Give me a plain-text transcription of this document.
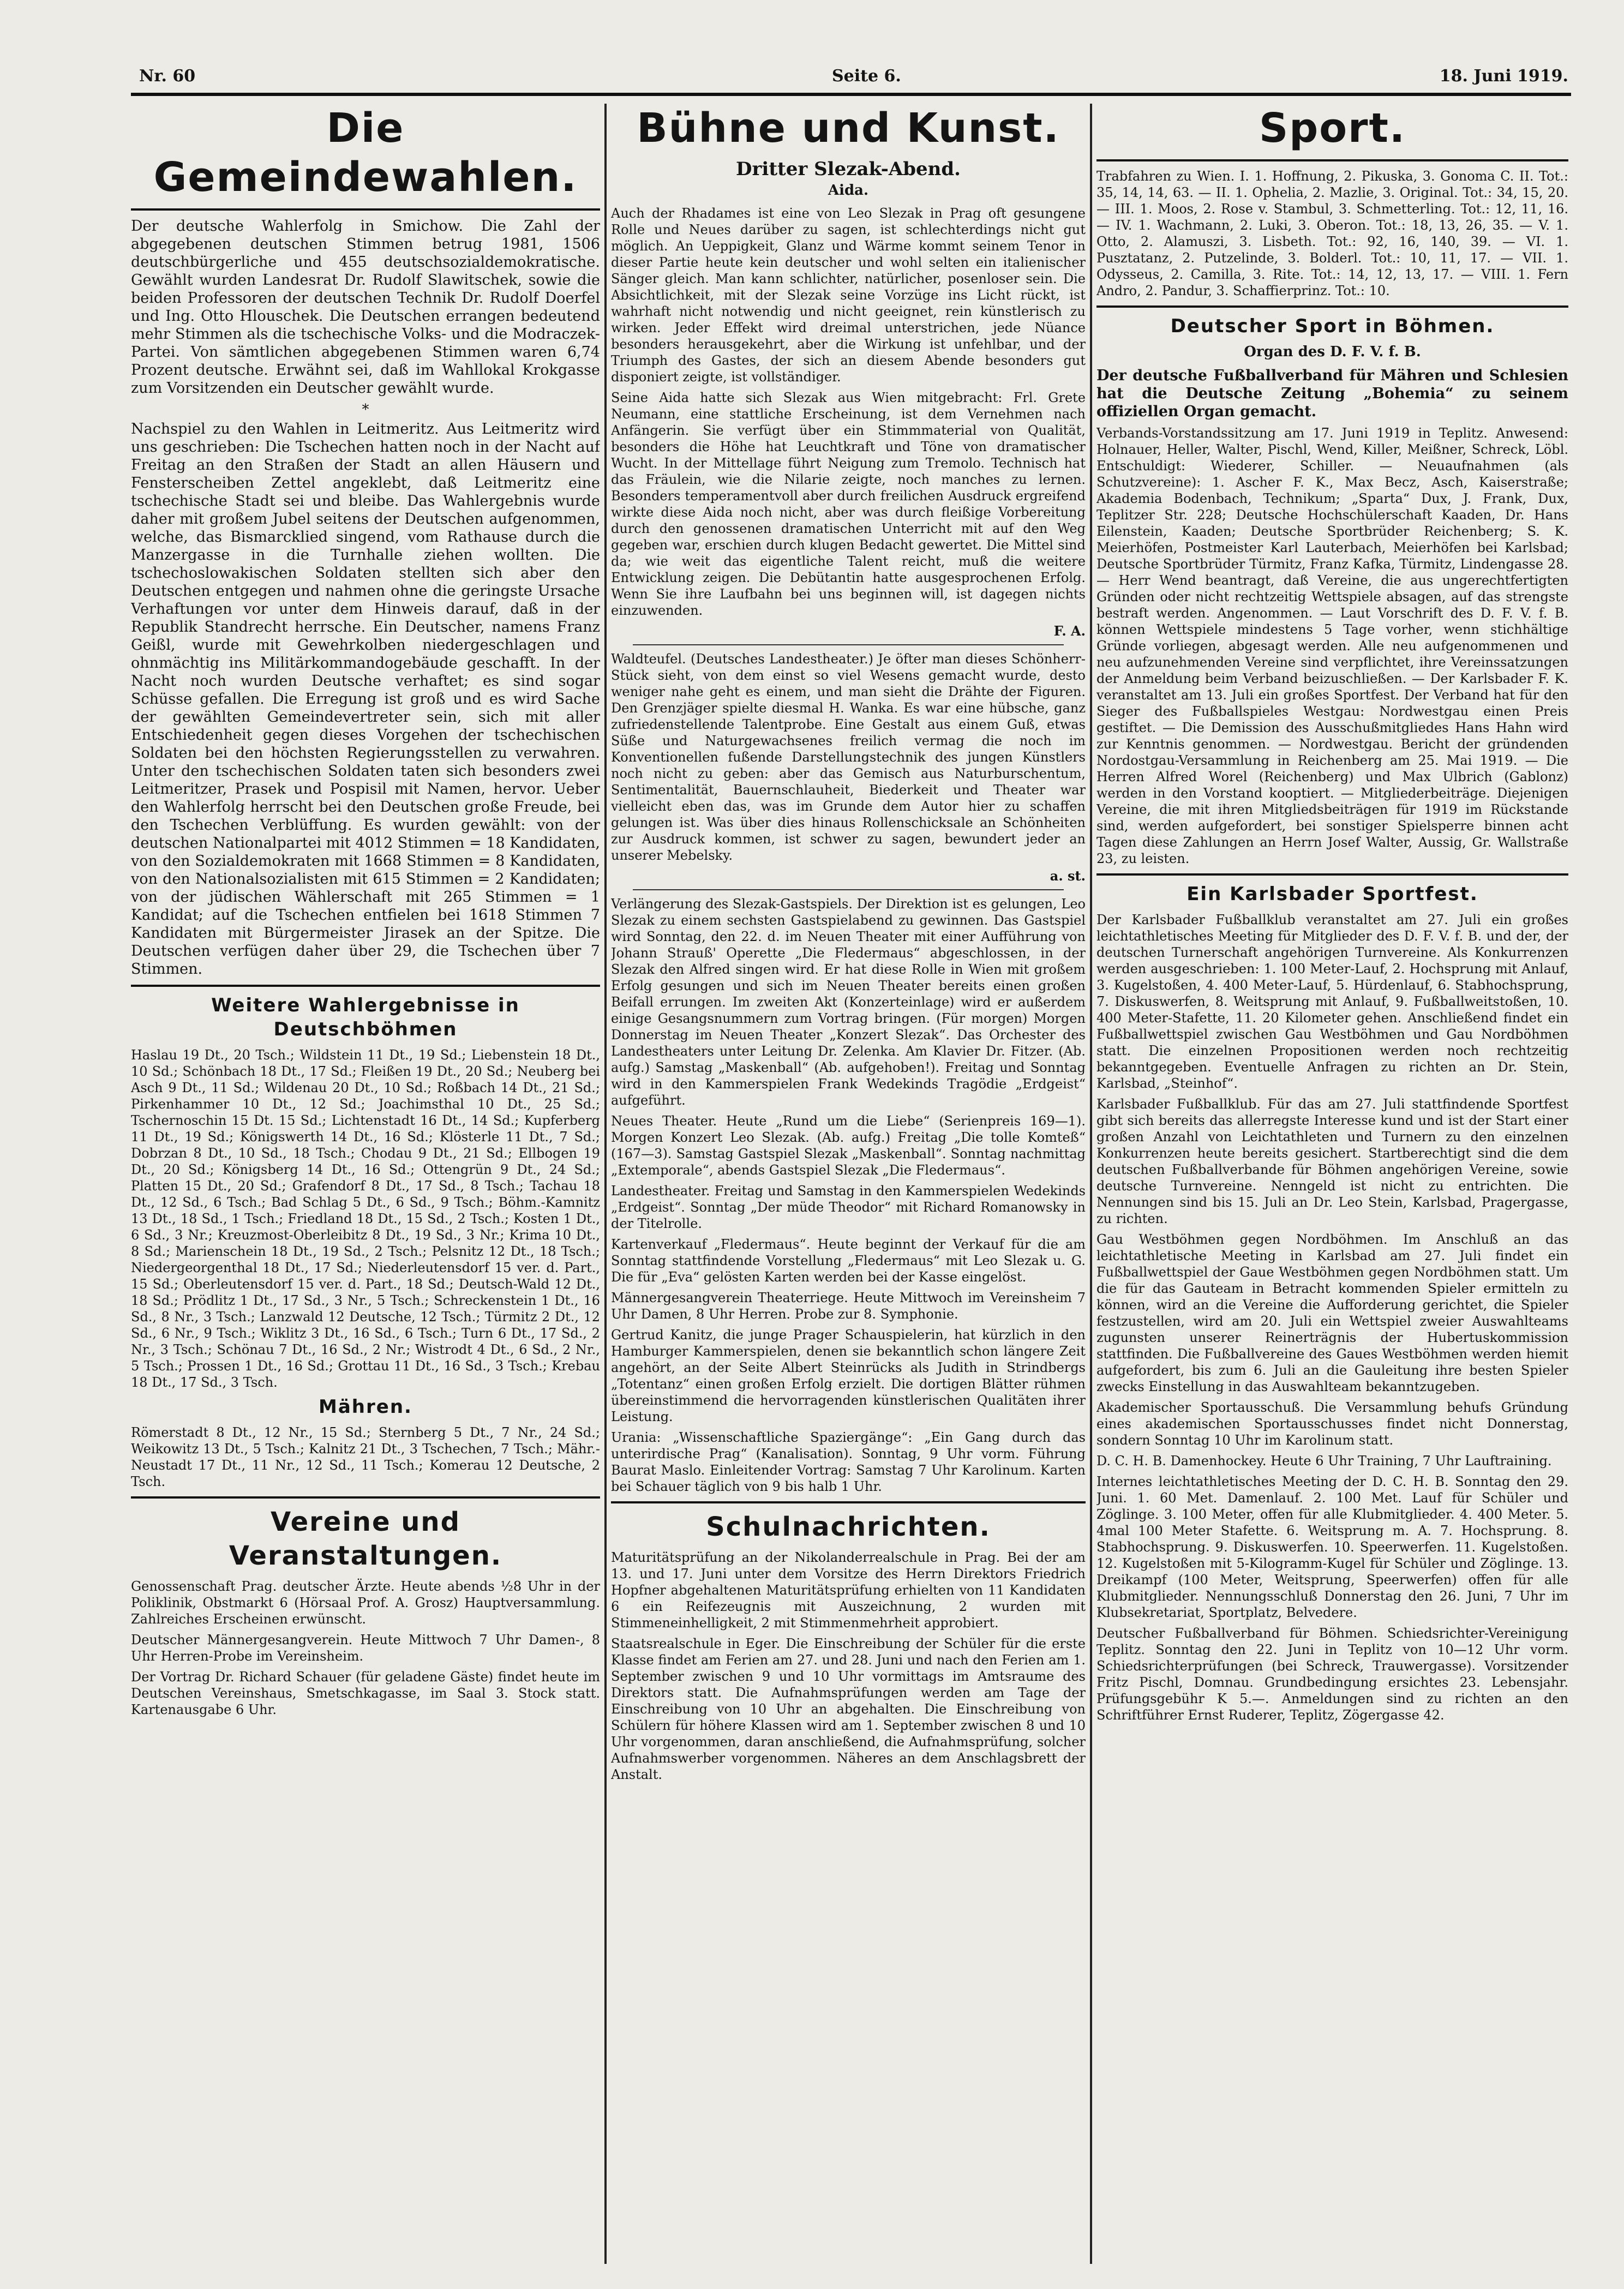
Nr. 60	Seite 6.	18. Juni 1919.
Die Gemeindewahlen.

Der deutsche Wahlerfolg in Smichow. Die Zahl der abgegebenen deutschen Stimmen betrug 1981, 1506 deutschbürgerliche und 455 deutschsozialdemokratische. Gewählt wurden Landesrat Dr. Rudolf Slawitschek, sowie die beiden Professoren der deutschen Technik Dr. Rudolf Doerfel und Ing. Otto Hlouschek. Die Deutschen errangen bedeutend mehr Stimmen als die tschechische Volks- und die Modraczek-Partei. Von sämtlichen abgegebenen Stimmen waren 6,74 Prozent deutsche. Erwähnt sei, daß im Wahllokal Krokgasse zum Vorsitzenden ein Deutscher gewählt wurde.

*

Nachspiel zu den Wahlen in Leitmeritz. Aus Leitmeritz wird uns geschrieben: Die Tschechen hatten noch in der Nacht auf Freitag an den Straßen der Stadt an allen Häusern und Fensterscheiben Zettel angeklebt, daß Leitmeritz eine tschechische Stadt sei und bleibe. Das Wahlergebnis wurde daher mit großem Jubel seitens der Deutschen aufgenommen, welche, das Bismarcklied singend, vom Rathause durch die Manzergasse in die Turnhalle ziehen wollten. Die tschechoslowakischen Soldaten stellten sich aber den Deutschen entgegen und nahmen ohne die geringste Ursache Verhaftungen vor unter dem Hinweis darauf, daß in der Republik Standrecht herrsche. Ein Deutscher, namens Franz Geißl, wurde mit Gewehrkolben niedergeschlagen und ohnmächtig ins Militärkommandogebäude geschafft. In der Nacht noch wurden Deutsche verhaftet; es sind sogar Schüsse gefallen. Die Erregung ist groß und es wird Sache der gewählten Gemeindevertreter sein, sich mit aller Entschiedenheit gegen dieses Vorgehen der tschechischen Soldaten bei den höchsten Regierungsstellen zu verwahren. Unter den tschechischen Soldaten taten sich besonders zwei Leitmeritzer, Prasek und Pospisil mit Namen, hervor. Ueber den Wahlerfolg herrscht bei den Deutschen große Freude, bei den Tschechen Verblüffung. Es wurden gewählt: von der deutschen Nationalpartei mit 4012 Stimmen = 18 Kandidaten, von den Sozialdemokraten mit 1668 Stimmen = 8 Kandidaten, von den Nationalsozialisten mit 615 Stimmen = 2 Kandidaten; von der jüdischen Wählerschaft mit 265 Stimmen = 1 Kandidat; auf die Tschechen entfielen bei 1618 Stimmen 7 Kandidaten mit Bürgermeister Jirasek an der Spitze. Die Deutschen verfügen daher über 29, die Tschechen über 7 Stimmen.

Weitere Wahlergebnisse in Deutschböhmen

Haslau 19 Dt., 20 Tsch.; Wildstein 11 Dt., 19 Sd.; Liebenstein 18 Dt., 10 Sd.; Schönbach 18 Dt., 17 Sd.; Fleißen 19 Dt., 20 Sd.; Neuberg bei Asch 9 Dt., 11 Sd.; Wildenau 20 Dt., 10 Sd.; Roßbach 14 Dt., 21 Sd.; Pirkenhammer 10 Dt., 12 Sd.; Joachimsthal 10 Dt., 25 Sd.; Tschernoschin 15 Dt. 15 Sd.; Lichtenstadt 16 Dt., 14 Sd.; Kupferberg 11 Dt., 19 Sd.; Königswerth 14 Dt., 16 Sd.; Klösterle 11 Dt., 7 Sd.; Dobrzan 8 Dt., 10 Sd., 18 Tsch.; Chodau 9 Dt., 21 Sd.; Ellbogen 19 Dt., 20 Sd.; Königsberg 14 Dt., 16 Sd.; Ottengrün 9 Dt., 24 Sd.; Platten 15 Dt., 20 Sd.; Grafendorf 8 Dt., 17 Sd., 8 Tsch.; Tachau 18 Dt., 12 Sd., 6 Tsch.; Bad Schlag 5 Dt., 6 Sd., 9 Tsch.; Böhm.-Kamnitz 13 Dt., 18 Sd., 1 Tsch.; Friedland 18 Dt., 15 Sd., 2 Tsch.; Kosten 1 Dt., 6 Sd., 3 Nr.; Kreuzmost-Oberleibitz 8 Dt., 19 Sd., 3 Nr.; Krima 10 Dt., 8 Sd.; Marienschein 18 Dt., 19 Sd., 2 Tsch.; Pelsnitz 12 Dt., 18 Tsch.; Niedergeorgenthal 18 Dt., 17 Sd.; Niederleutensdorf 15 ver. d. Part., 15 Sd.; Oberleutensdorf 15 ver. d. Part., 18 Sd.; Deutsch-Wald 12 Dt., 18 Sd.; Prödlitz 1 Dt., 17 Sd., 3 Nr., 5 Tsch.; Schreckenstein 1 Dt., 16 Sd., 8 Nr., 3 Tsch.; Lanzwald 12 Deutsche, 12 Tsch.; Türmitz 2 Dt., 12 Sd., 6 Nr., 9 Tsch.; Wiklitz 3 Dt., 16 Sd., 6 Tsch.; Turn 6 Dt., 17 Sd., 2 Nr., 3 Tsch.; Schönau 7 Dt., 16 Sd., 2 Nr.; Wistrodt 4 Dt., 6 Sd., 2 Nr., 5 Tsch.; Prossen 1 Dt., 16 Sd.; Grottau 11 Dt., 16 Sd., 3 Tsch.; Krebau 18 Dt., 17 Sd., 3 Tsch.

Mähren.

Römerstadt 8 Dt., 12 Nr., 15 Sd.; Sternberg 5 Dt., 7 Nr., 24 Sd.; Weikowitz 13 Dt., 5 Tsch.; Kalnitz 21 Dt., 3 Tschechen, 7 Tsch.; Mähr.-Neustadt 17 Dt., 11 Nr., 12 Sd., 11 Tsch.; Komerau 12 Deutsche, 2 Tsch.

Vereine und Veranstaltungen.

Genossenschaft Prag. deutscher Ärzte. Heute abends ½8 Uhr in der Poliklinik, Obstmarkt 6 (Hörsaal Prof. A. Grosz) Hauptversammlung. Zahlreiches Erscheinen erwünscht.

Deutscher Männergesangverein. Heute Mittwoch 7 Uhr Damen-, 8 Uhr Herren-Probe im Vereinsheim.

Der Vortrag Dr. Richard Schauer (für geladene Gäste) findet heute im Deutschen Vereinshaus, Smetschkagasse, im Saal 3. Stock statt. Kartenausgabe 6 Uhr.

Bühne und Kunst.
Dritter Slezak-Abend.
Aida.

Auch der Rhadames ist eine von Leo Slezak in Prag oft gesungene Rolle und Neues darüber zu sagen, ist schlechterdings nicht gut möglich. An Ueppigkeit, Glanz und Wärme kommt seinem Tenor in dieser Partie heute kein deutscher und wohl selten ein italienischer Sänger gleich. Man kann schlichter, natürlicher, posenloser sein. Die Absichtlichkeit, mit der Slezak seine Vorzüge ins Licht rückt, ist wahrhaft nicht notwendig und nicht geeignet, rein künstlerisch zu wirken. Jeder Effekt wird dreimal unterstrichen, jede Nüance besonders herausgekehrt, aber die Wirkung ist unfehlbar, und der Triumph des Gastes, der sich an diesem Abende besonders gut disponiert zeigte, ist vollständiger.

Seine Aida hatte sich Slezak aus Wien mitgebracht: Frl. Grete Neumann, eine stattliche Erscheinung, ist dem Vernehmen nach Anfängerin. Sie verfügt über ein Stimmmaterial von Qualität, besonders die Höhe hat Leuchtkraft und Töne von dramatischer Wucht. In der Mittellage führt Neigung zum Tremolo. Technisch hat das Fräulein, wie die Nilarie zeigte, noch manches zu lernen. Besonders temperamentvoll aber durch freilichen Ausdruck ergreifend wirkte diese Aida noch nicht, aber was durch fleißige Vorbereitung durch den genossenen dramatischen Unterricht mit auf den Weg gegeben war, erschien durch klugen Bedacht gewertet. Die Mittel sind da; wie weit das eigentliche Talent reicht, muß die weitere Entwicklung zeigen. Die Debütantin hatte ausgesprochenen Erfolg. Wenn Sie ihre Laufbahn bei uns beginnen will, ist dagegen nichts einzuwenden.

F. A.

Waldteufel. (Deutsches Landestheater.) Je öfter man dieses Schönherr-Stück sieht, von dem einst so viel Wesens gemacht wurde, desto weniger nahe geht es einem, und man sieht die Drähte der Figuren. Den Grenzjäger spielte diesmal H. Wanka. Es war eine hübsche, ganz zufriedenstellende Talentprobe. Eine Gestalt aus einem Guß, etwas Süße und Naturgewachsenes freilich vermag die noch im Konventionellen fußende Darstellungstechnik des jungen Künstlers noch nicht zu geben: aber das Gemisch aus Naturburschentum, Sentimentalität, Bauernschlauheit, Biederkeit und Theater war vielleicht eben das, was im Grunde dem Autor hier zu schaffen gelungen ist. Was über dies hinaus Rollenschicksale an Schönheiten zur Ausdruck kommen, ist schwer zu sagen, bewundert jeder an unserer Mebelsky.

a. st.

Verlängerung des Slezak-Gastspiels. Der Direktion ist es gelungen, Leo Slezak zu einem sechsten Gastspielabend zu gewinnen. Das Gastspiel wird Sonntag, den 22. d. im Neuen Theater mit einer Aufführung von Johann Strauß' Operette „Die Fledermaus“ abgeschlossen, in der Slezak den Alfred singen wird. Er hat diese Rolle in Wien mit großem Erfolg gesungen und sich im Neuen Theater bereits einen großen Beifall errungen. Im zweiten Akt (Konzerteinlage) wird er außerdem einige Gesangsnummern zum Vortrag bringen. (Für morgen) Morgen Donnerstag im Neuen Theater „Konzert Slezak“. Das Orchester des Landestheaters unter Leitung Dr. Zelenka. Am Klavier Dr. Fitzer. (Ab. aufg.) Samstag „Maskenball“ (Ab. aufgehoben!). Freitag und Sonntag wird in den Kammerspielen Frank Wedekinds Tragödie „Erdgeist“ aufgeführt.

Neues Theater. Heute „Rund um die Liebe“ (Serienpreis 169—1). Morgen Konzert Leo Slezak. (Ab. aufg.) Freitag „Die tolle Komteß“ (167—3). Samstag Gastspiel Slezak „Maskenball“. Sonntag nachmittag „Extemporale“, abends Gastspiel Slezak „Die Fledermaus“.

Landestheater. Freitag und Samstag in den Kammerspielen Wedekinds „Erdgeist“. Sonntag „Der müde Theodor“ mit Richard Romanowsky in der Titelrolle.

Kartenverkauf „Fledermaus“. Heute beginnt der Verkauf für die am Sonntag stattfindende Vorstellung „Fledermaus“ mit Leo Slezak u. G. Die für „Eva“ gelösten Karten werden bei der Kasse eingelöst.

Männergesangverein Theaterriege. Heute Mittwoch im Vereinsheim 7 Uhr Damen, 8 Uhr Herren. Probe zur 8. Symphonie.

Gertrud Kanitz, die junge Prager Schauspielerin, hat kürzlich in den Hamburger Kammerspielen, denen sie bekanntlich schon längere Zeit angehört, an der Seite Albert Steinrücks als Judith in Strindbergs „Totentanz“ einen großen Erfolg erzielt. Die dortigen Blätter rühmen übereinstimmend die hervorragenden künstlerischen Qualitäten ihrer Leistung.

Urania: „Wissenschaftliche Spaziergänge“: „Ein Gang durch das unterirdische Prag“ (Kanalisation). Sonntag, 9 Uhr vorm. Führung Baurat Maslo. Einleitender Vortrag: Samstag 7 Uhr Karolinum. Karten bei Schauer täglich von 9 bis halb 1 Uhr.

Schulnachrichten.

Maturitätsprüfung an der Nikolanderrealschule in Prag. Bei der am 13. und 17. Juni unter dem Vorsitze des Herrn Direktors Friedrich Hopfner abgehaltenen Maturitätsprüfung erhielten von 11 Kandidaten 6 ein Reifezeugnis mit Auszeichnung, 2 wurden mit Stimmeneinhelligkeit, 2 mit Stimmenmehrheit approbiert.

Staatsrealschule in Eger. Die Einschreibung der Schüler für die erste Klasse findet am Ferien am 27. und 28. Juni und nach den Ferien am 1. September zwischen 9 und 10 Uhr vormittags im Amtsraume des Direktors statt. Die Aufnahmsprüfungen werden am Tage der Einschreibung von 10 Uhr an abgehalten. Die Einschreibung von Schülern für höhere Klassen wird am 1. September zwischen 8 und 10 Uhr vorgenommen, daran anschließend, die Aufnahmsprüfung, solcher Aufnahmswerber vorgenommen. Näheres an dem Anschlagsbrett der Anstalt.

Sport.

Trabfahren zu Wien. I. 1. Hoffnung, 2. Pikuska, 3. Gonoma C. II. Tot.: 35, 14, 14, 63. — II. 1. Ophelia, 2. Mazlie, 3. Original. Tot.: 34, 15, 20. — III. 1. Moos, 2. Rose v. Stambul, 3. Schmetterling. Tot.: 12, 11, 16. — IV. 1. Wachmann, 2. Luki, 3. Oberon. Tot.: 18, 13, 26, 35. — V. 1. Otto, 2. Alamuszi, 3. Lisbeth. Tot.: 92, 16, 140, 39. — VI. 1. Pusztatanz, 2. Putzelinde, 3. Bolderl. Tot.: 10, 11, 17. — VII. 1. Odysseus, 2. Camilla, 3. Rite. Tot.: 14, 12, 13, 17. — VIII. 1. Fern Andro, 2. Pandur, 3. Schaffierprinz. Tot.: 10.

Deutscher Sport in Böhmen.
Organ des D. F. V. f. B.

Der deutsche Fußballverband für Mähren und Schlesien hat die Deutsche Zeitung „Bohemia“ zu seinem offiziellen Organ gemacht.

Verbands-Vorstandssitzung am 17. Juni 1919 in Teplitz. Anwesend: Holnauer, Heller, Walter, Pischl, Wend, Killer, Meißner, Schreck, Löbl. Entschuldigt: Wiederer, Schiller. — Neuaufnahmen (als Schutzvereine): 1. Ascher F. K., Max Becz, Asch, Kaiserstraße; Akademia Bodenbach, Technikum; „Sparta“ Dux, J. Frank, Dux, Teplitzer Str. 228; Deutsche Hochschülerschaft Kaaden, Dr. Hans Eilenstein, Kaaden; Deutsche Sportbrüder Reichenberg; S. K. Meierhöfen, Postmeister Karl Lauterbach, Meierhöfen bei Karlsbad; Deutsche Sportbrüder Türmitz, Franz Kafka, Türmitz, Lindengasse 28. — Herr Wend beantragt, daß Vereine, die aus ungerechtfertigten Gründen oder nicht rechtzeitig Wettspiele absagen, auf das strengste bestraft werden. Angenommen. — Laut Vorschrift des D. F. V. f. B. können Wettspiele mindestens 5 Tage vorher, wenn stichhältige Gründe vorliegen, abgesagt werden. Alle neu aufgenommenen und neu aufzunehmenden Vereine sind verpflichtet, ihre Vereinssatzungen der Anmeldung beim Verband beizuschließen. — Der Karlsbader F. K. veranstaltet am 13. Juli ein großes Sportfest. Der Verband hat für den Sieger des Fußballspieles Westgau: Nordwestgau einen Preis gestiftet. — Die Demission des Ausschußmitgliedes Hans Hahn wird zur Kenntnis genommen. — Nordwestgau. Bericht der gründenden Nordostgau-Versammlung in Reichenberg am 25. Mai 1919. — Die Herren Alfred Worel (Reichenberg) und Max Ulbrich (Gablonz) werden in den Vorstand kooptiert. — Mitgliederbeiträge. Diejenigen Vereine, die mit ihren Mitgliedsbeiträgen für 1919 im Rückstande sind, werden aufgefordert, bei sonstiger Spielsperre binnen acht Tagen diese Zahlungen an Herrn Josef Walter, Aussig, Gr. Wallstraße 23, zu leisten.

Ein Karlsbader Sportfest.

Der Karlsbader Fußballklub veranstaltet am 27. Juli ein großes leichtathletisches Meeting für Mitglieder des D. F. V. f. B. und der, der deutschen Turnerschaft angehörigen Turnvereine. Als Konkurrenzen werden ausgeschrieben: 1. 100 Meter-Lauf, 2. Hochsprung mit Anlauf, 3. Kugelstoßen, 4. 400 Meter-Lauf, 5. Hürdenlauf, 6. Stabhochsprung, 7. Diskuswerfen, 8. Weitsprung mit Anlauf, 9. Fußballweitstoßen, 10. 400 Meter-Stafette, 11. 20 Kilometer gehen. Anschließend findet ein Fußballwettspiel zwischen Gau Westböhmen und Gau Nordböhmen statt. Die einzelnen Propositionen werden noch rechtzeitig bekanntgegeben. Eventuelle Anfragen zu richten an Dr. Stein, Karlsbad, „Steinhof“.

Karlsbader Fußballklub. Für das am 27. Juli stattfindende Sportfest gibt sich bereits das allerregste Interesse kund und ist der Start einer großen Anzahl von Leichtathleten und Turnern zu den einzelnen Konkurrenzen heute bereits gesichert. Startberechtigt sind die dem deutschen Fußballverbande für Böhmen angehörigen Vereine, sowie deutsche Turnvereine. Nenngeld ist nicht zu entrichten. Die Nennungen sind bis 15. Juli an Dr. Leo Stein, Karlsbad, Pragergasse, zu richten.

Gau Westböhmen gegen Nordböhmen. Im Anschluß an das leichtathletische Meeting in Karlsbad am 27. Juli findet ein Fußballwettspiel der Gaue Westböhmen gegen Nordböhmen statt. Um die für das Gauteam in Betracht kommenden Spieler ermitteln zu können, wird an die Vereine die Aufforderung gerichtet, die Spieler festzustellen, wird am 20. Juli ein Wettspiel zweier Auswahlteams zugunsten unserer Reinerträgnis der Hubertuskommission stattfinden. Die Fußballvereine des Gaues Westböhmen werden hiemit aufgefordert, bis zum 6. Juli an die Gauleitung ihre besten Spieler zwecks Einstellung in das Auswahlteam bekanntzugeben.

Akademischer Sportausschuß. Die Versammlung behufs Gründung eines akademischen Sportausschusses findet nicht Donnerstag, sondern Sonntag 10 Uhr im Karolinum statt.

D. C. H. B. Damenhockey. Heute 6 Uhr Training, 7 Uhr Lauftraining.

Internes leichtathletisches Meeting der D. C. H. B. Sonntag den 29. Juni. 1. 60 Met. Damenlauf. 2. 100 Met. Lauf für Schüler und Zöglinge. 3. 100 Meter, offen für alle Klubmitglieder. 4. 400 Meter. 5. 4mal 100 Meter Stafette. 6. Weitsprung m. A. 7. Hochsprung. 8. Stabhochsprung. 9. Diskuswerfen. 10. Speerwerfen. 11. Kugelstoßen. 12. Kugelstoßen mit 5-Kilogramm-Kugel für Schüler und Zöglinge. 13. Dreikampf (100 Meter, Weitsprung, Speerwerfen) offen für alle Klubmitglieder. Nennungsschluß Donnerstag den 26. Juni, 7 Uhr im Klubsekretariat, Sportplatz, Belvedere.

Deutscher Fußballverband für Böhmen. Schiedsrichter-Vereinigung Teplitz. Sonntag den 22. Juni in Teplitz von 10—12 Uhr vorm. Schiedsrichterprüfungen (bei Schreck, Trauwergasse). Vorsitzender Fritz Pischl, Domnau. Grundbedingung ersichtes 23. Lebensjahr. Prüfungsgebühr K 5.—. Anmeldungen sind zu richten an den Schriftführer Ernst Ruderer, Teplitz, Zögergasse 42.
